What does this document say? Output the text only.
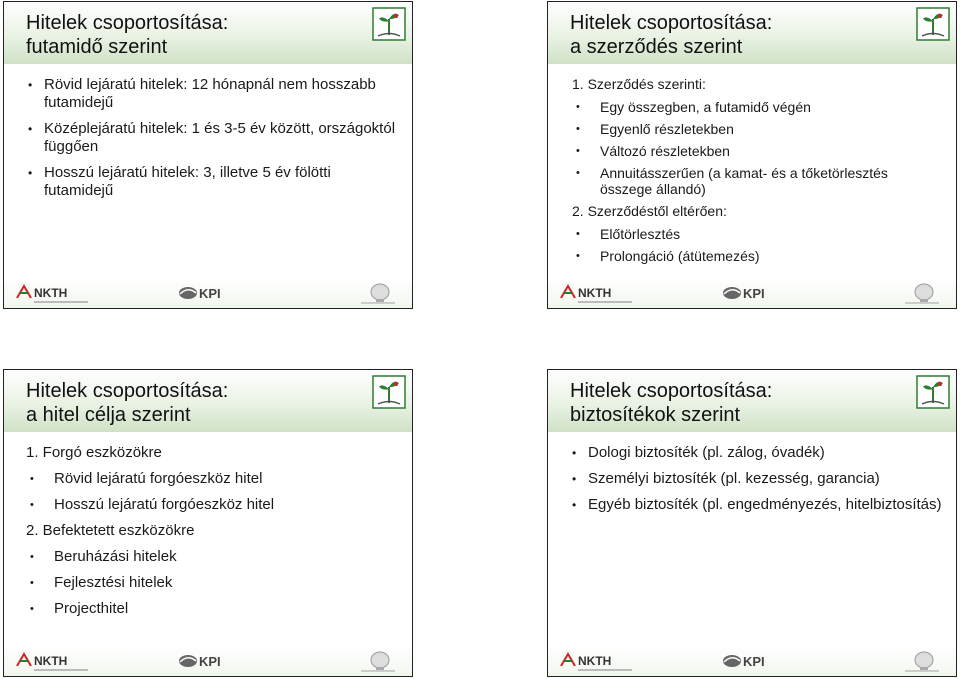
Hitelek csoportosítása:
futamidő szerint
• Rövid lejáratú hitelek: 12 hónapnál nem hosszabb futamidejű
• Középlejáratú hitelek: 1 és 3-5 év között, országoktól függően
• Hosszú lejáratú hitelek: 3, illetve 5 év fölötti futamidejű
NKTH	KPI
Hitelek csoportosítása:
a szerződés szerint
1. Szerződés szerinti:
• Egy összegben, a futamidő végén
• Egyenlő részletekben
• Változó részletekben
• Annuitásszerűen (a kamat- és a tőketörlesztés összege állandó)
2. Szerződéstől eltérően:
• Előtörlesztés
• Prolongáció (átütemezés)
NKTH	KPI
Hitelek csoportosítása:
a hitel célja szerint
1. Forgó eszközökre
• Rövid lejáratú forgóeszköz hitel
• Hosszú lejáratú forgóeszköz hitel
2. Befektetett eszközökre
• Beruházási hitelek
• Fejlesztési hitelek
• Projecthitel
NKTH	KPI
Hitelek csoportosítása:
biztosítékok szerint
• Dologi biztosíték (pl. zálog, óvadék)
• Személyi biztosíték (pl. kezesség, garancia)
• Egyéb biztosíték (pl. engedményezés, hitelbiztosítás)
NKTH	KPI
